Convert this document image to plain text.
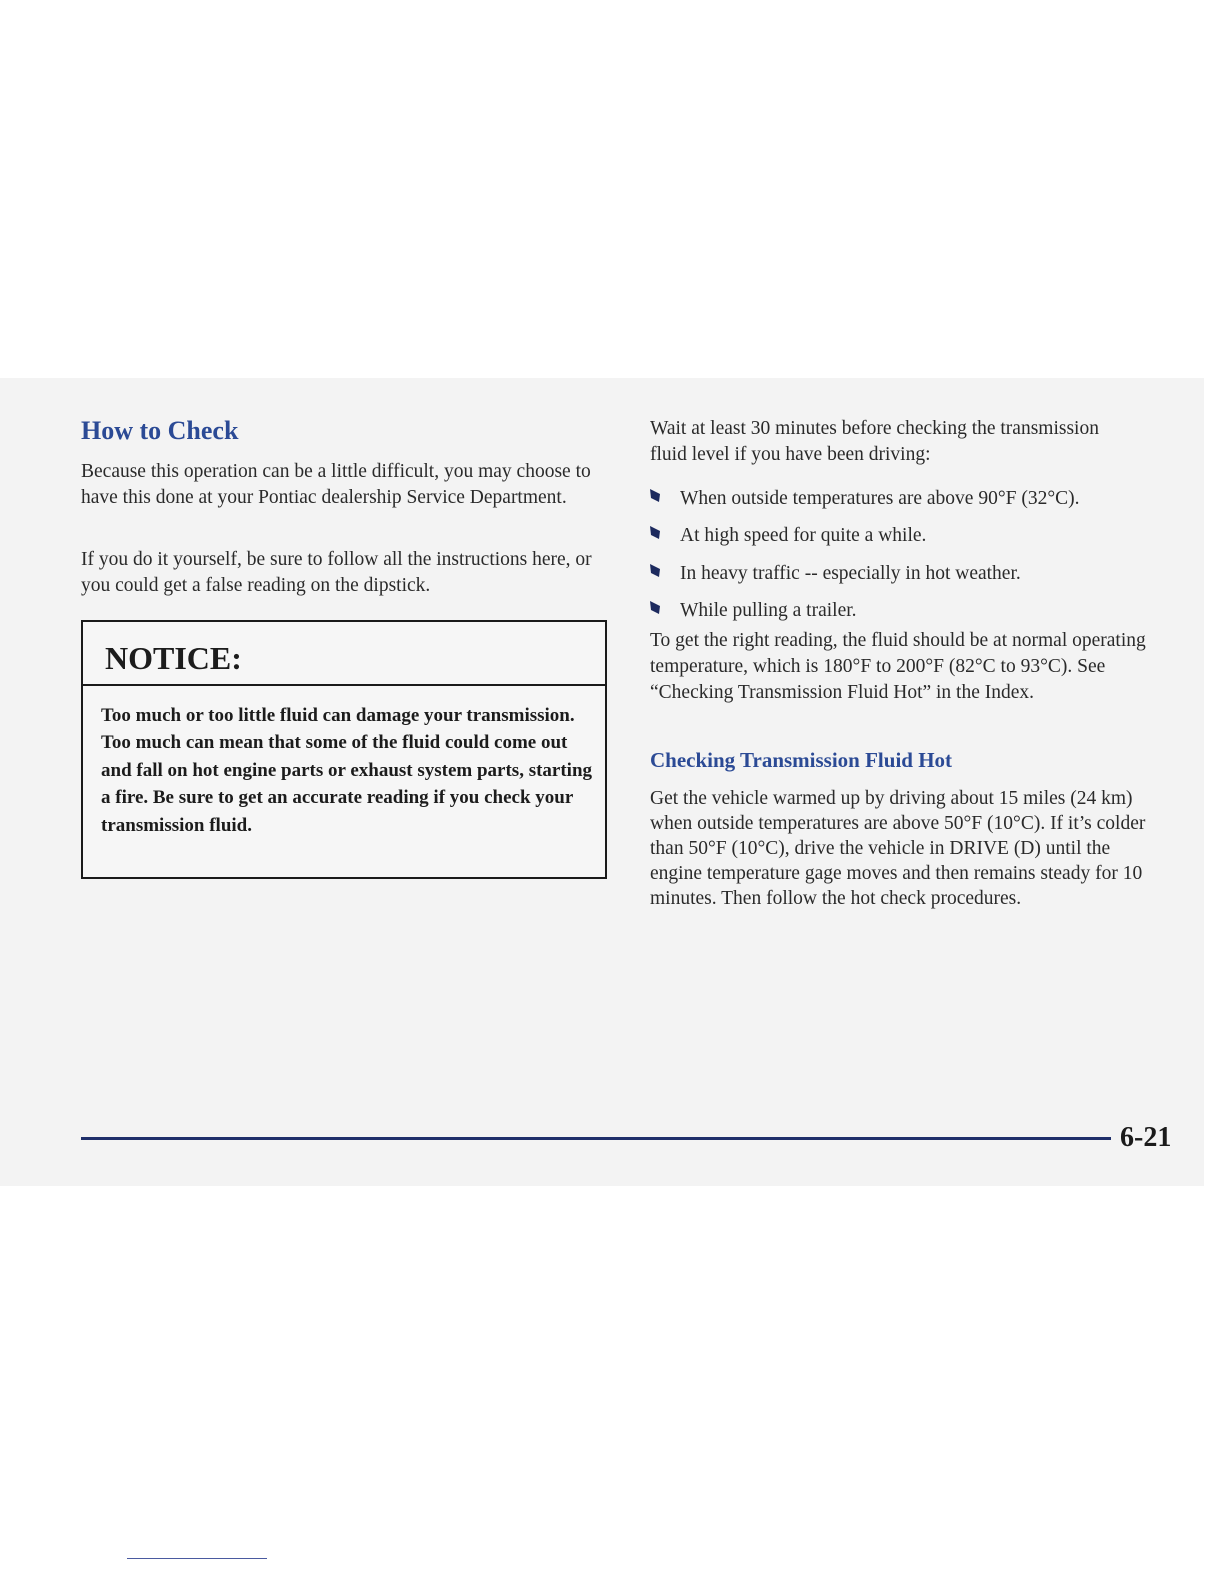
How to Check

Because this operation can be a little difficult, you may choose to have this done at your Pontiac dealership Service Department.

If you do it yourself, be sure to follow all the instructions here, or you could get a false reading on the dipstick.

NOTICE:

Too much or too little fluid can damage your transmission. Too much can mean that some of the fluid could come out and fall on hot engine parts or exhaust system parts, starting a fire. Be sure to get an accurate reading if you check your transmission fluid.

Wait at least 30 minutes before checking the transmission fluid level if you have been driving:

When outside temperatures are above 90°F (32°C).
At high speed for quite a while.
In heavy traffic -- especially in hot weather.
While pulling a trailer.

To get the right reading, the fluid should be at normal operating temperature, which is 180°F to 200°F (82°C to 93°C). See “Checking Transmission Fluid Hot” in the Index.

Checking Transmission Fluid Hot

Get the vehicle warmed up by driving about 15 miles (24 km) when outside temperatures are above 50°F (10°C). If it’s colder than 50°F (10°C), drive the vehicle in DRIVE (D) until the engine temperature gage moves and then remains steady for 10 minutes. Then follow the hot check procedures.

6-21
